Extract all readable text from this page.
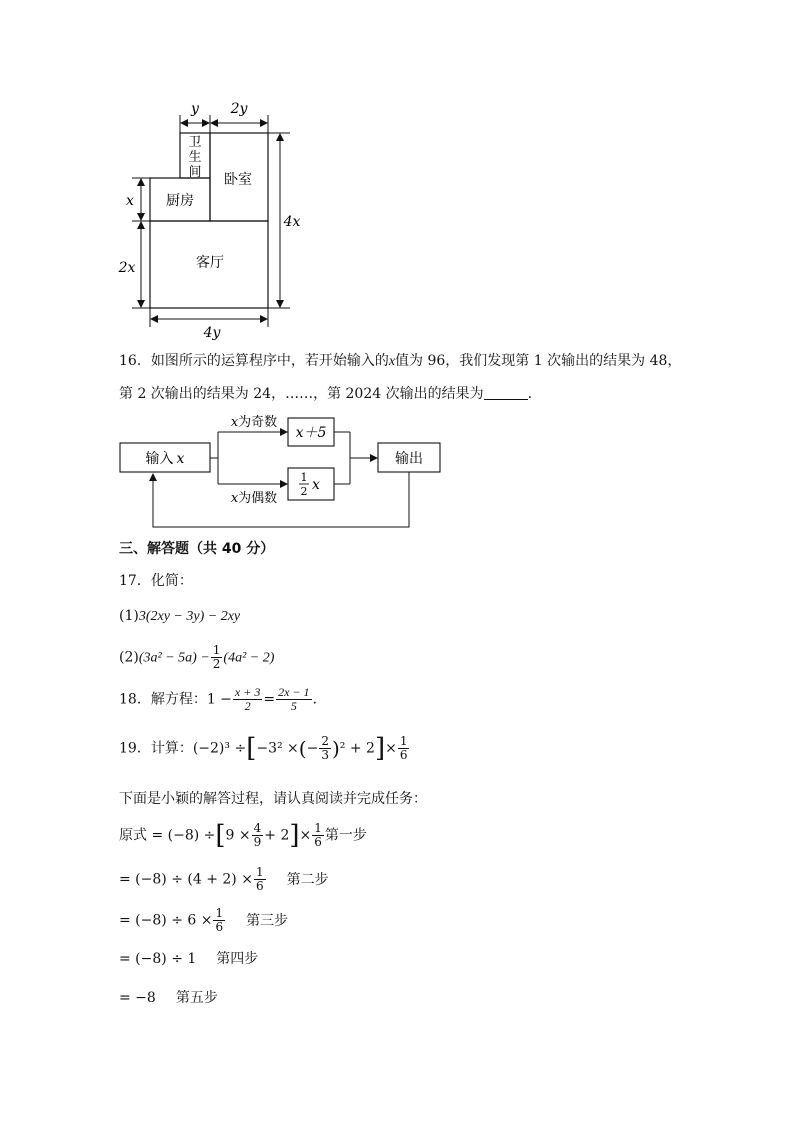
y 2y
x
2x
4x
4y
卫
生
间 卧室
厨房
客厅
16．如图所示的运算程序中，若开始输入的x值为 96，我们发现第 1 次输出的结果为 48，
第 2 次输出的结果为 24，……，第 2024 次输出的结果为	.
输入 x
x为奇数
x为偶数
x＋5
1
2 x
输出
三、解答题（共 40 分）
17．化简：
(1)3(2xy − 3y) − 2xy
$(2)(3a^2 - 5a) - \frac{1}{2} (4a^2 - 2)$
18．解方程：$1 - \frac{x + 3}{2} = \frac{2x - 1}{5}$ .
19．计算：(−2)³ ÷[−3² ×(− $\frac{2}{3} )^2 + 2]\times \frac{1}{6}$
下面是小颖的解答过程，请认真阅读并完成任务：
原式 = $(-8) \div[9 \times \frac{4}{9} + 2]\times \frac{1}{6}$ 第一步
= $(-8) \div (4 + 2) \times \frac{1}{6}$ 第二步
= $(-8) \div 6 \times \frac{1}{6}$ 第三步
= (−8) ÷ 1 第四步
= −8 第五步
